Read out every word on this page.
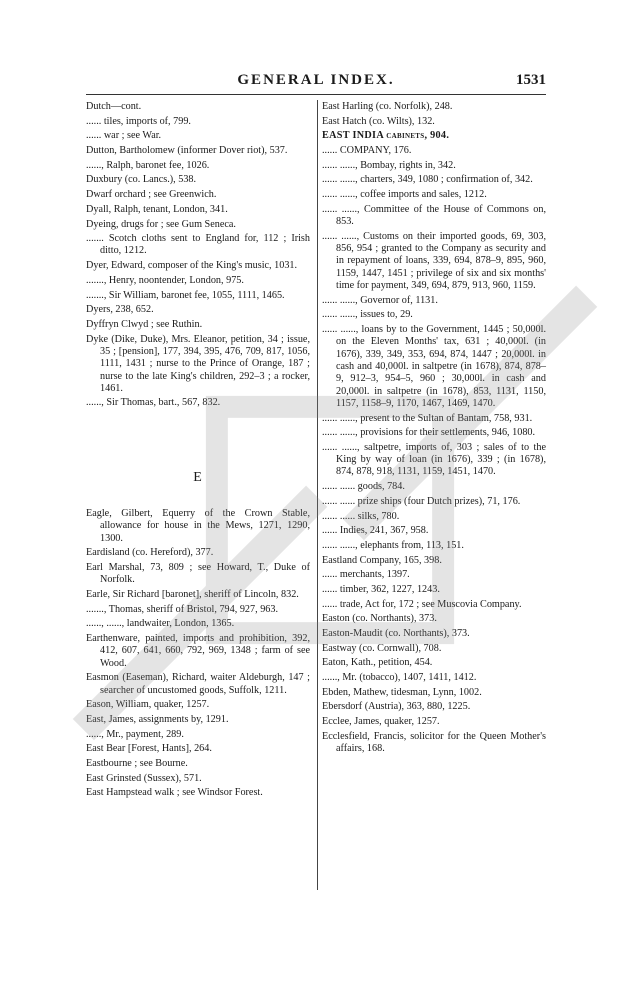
GENERAL INDEX.	1531
Dutch—cont.
...... tiles, imports of, 799.
...... war ; see War.
Dutton, Bartholomew (informer Dover riot), 537.
......, Ralph, baronet fee, 1026.
Duxbury (co. Lancs.), 538.
Dwarf orchard ; see Greenwich.
Dyall, Ralph, tenant, London, 341.
Dyeing, drugs for ; see Gum Seneca.
....... Scotch cloths sent to England for, 112 ; Irish ditto, 1212.
Dyer, Edward, composer of the King's music, 1031.
......., Henry, noontender, London, 975.
......., Sir William, baronet fee, 1055, 1111, 1465.
Dyers, 238, 652.
Dyffryn Clwyd ; see Ruthin.
Dyke (Dike, Duke), Mrs. Eleanor, petition, 34 ; issue, 35 ; [pension], 177, 394, 395, 476, 709, 817, 1056, 1111, 1431 ; nurse to the Prince of Orange, 187 ; nurse to the late King's children, 292–3 ; a rocker, 1461.
......, Sir Thomas, bart., 567, 832.
E
Eagle, Gilbert, Equerry of the Crown Stable, allowance for house in the Mews, 1271, 1290, 1300.
Eardisland (co. Hereford), 377.
Earl Marshal, 73, 809 ; see Howard, T., Duke of Norfolk.
Earle, Sir Richard [baronet], sheriff of Lincoln, 832.
......., Thomas, sheriff of Bristol, 794, 927, 963.
......, ......, landwaiter, London, 1365.
Earthenware, painted, imports and prohibition, 392, 412, 607, 641, 660, 792, 969, 1348 ; farm of see Wood.
Easmon (Easeman), Richard, waiter Aldeburgh, 147 ; searcher of uncustomed goods, Suffolk, 1211.
Eason, William, quaker, 1257.
East, James, assignments by, 1291.
......, Mr., payment, 289.
East Bear [Forest, Hants], 264.
Eastbourne ; see Bourne.
East Grinsted (Sussex), 571.
East Hampstead walk ; see Windsor Forest.
East Harling (co. Norfolk), 248.
East Hatch (co. Wilts), 132.
EAST INDIA cabinets, 904.
...... COMPANY, 176.
...... ......, Bombay, rights in, 342.
...... ......, charters, 349, 1080 ; confirmation of, 342.
...... ......, coffee imports and sales, 1212.
...... ......, Committee of the House of Commons on, 853.
...... ......, Customs on their imported goods, 69, 303, 856, 954 ; granted to the Company as security and in repayment of loans, 339, 694, 878–9, 895, 960, 1159, 1447, 1451 ; privilege of six and six months' time for payment, 349, 694, 879, 913, 960, 1159.
...... ......, Governor of, 1131.
...... ......, issues to, 29.
...... ......, loans by to the Government, 1445 ; 50,000l. on the Eleven Months' tax, 631 ; 40,000l. (in 1676), 339, 349, 353, 694, 874, 1447 ; 20,000l. in cash and 40,000l. in saltpetre (in 1678), 874, 878–9, 912–3, 954–5, 960 ; 30,000l. in cash and 20,000l. in saltpetre (in 1678), 853, 1131, 1150, 1157, 1158–9, 1170, 1467, 1469, 1470.
...... ......, present to the Sultan of Bantam, 758, 931.
...... ......, provisions for their settlements, 946, 1080.
...... ......, saltpetre, imports of, 303 ; sales of to the King by way of loan (in 1676), 339 ; (in 1678), 874, 878, 918, 1131, 1159, 1451, 1470.
...... ...... goods, 784.
...... ...... prize ships (four Dutch prizes), 71, 176.
...... ...... silks, 780.
...... Indies, 241, 367, 958.
...... ......, elephants from, 113, 151.
Eastland Company, 165, 398.
...... merchants, 1397.
...... timber, 362, 1227, 1243.
...... trade, Act for, 172 ; see Muscovia Company.
Easton (co. Northants), 373.
Easton-Maudit (co. Northants), 373.
Eastway (co. Cornwall), 708.
Eaton, Kath., petition, 454.
......, Mr. (tobacco), 1407, 1411, 1412.
Ebden, Mathew, tidesman, Lynn, 1002.
Ebersdorf (Austria), 363, 880, 1225.
Ecclee, James, quaker, 1257.
Ecclesfield, Francis, solicitor for the Queen Mother's affairs, 168.
